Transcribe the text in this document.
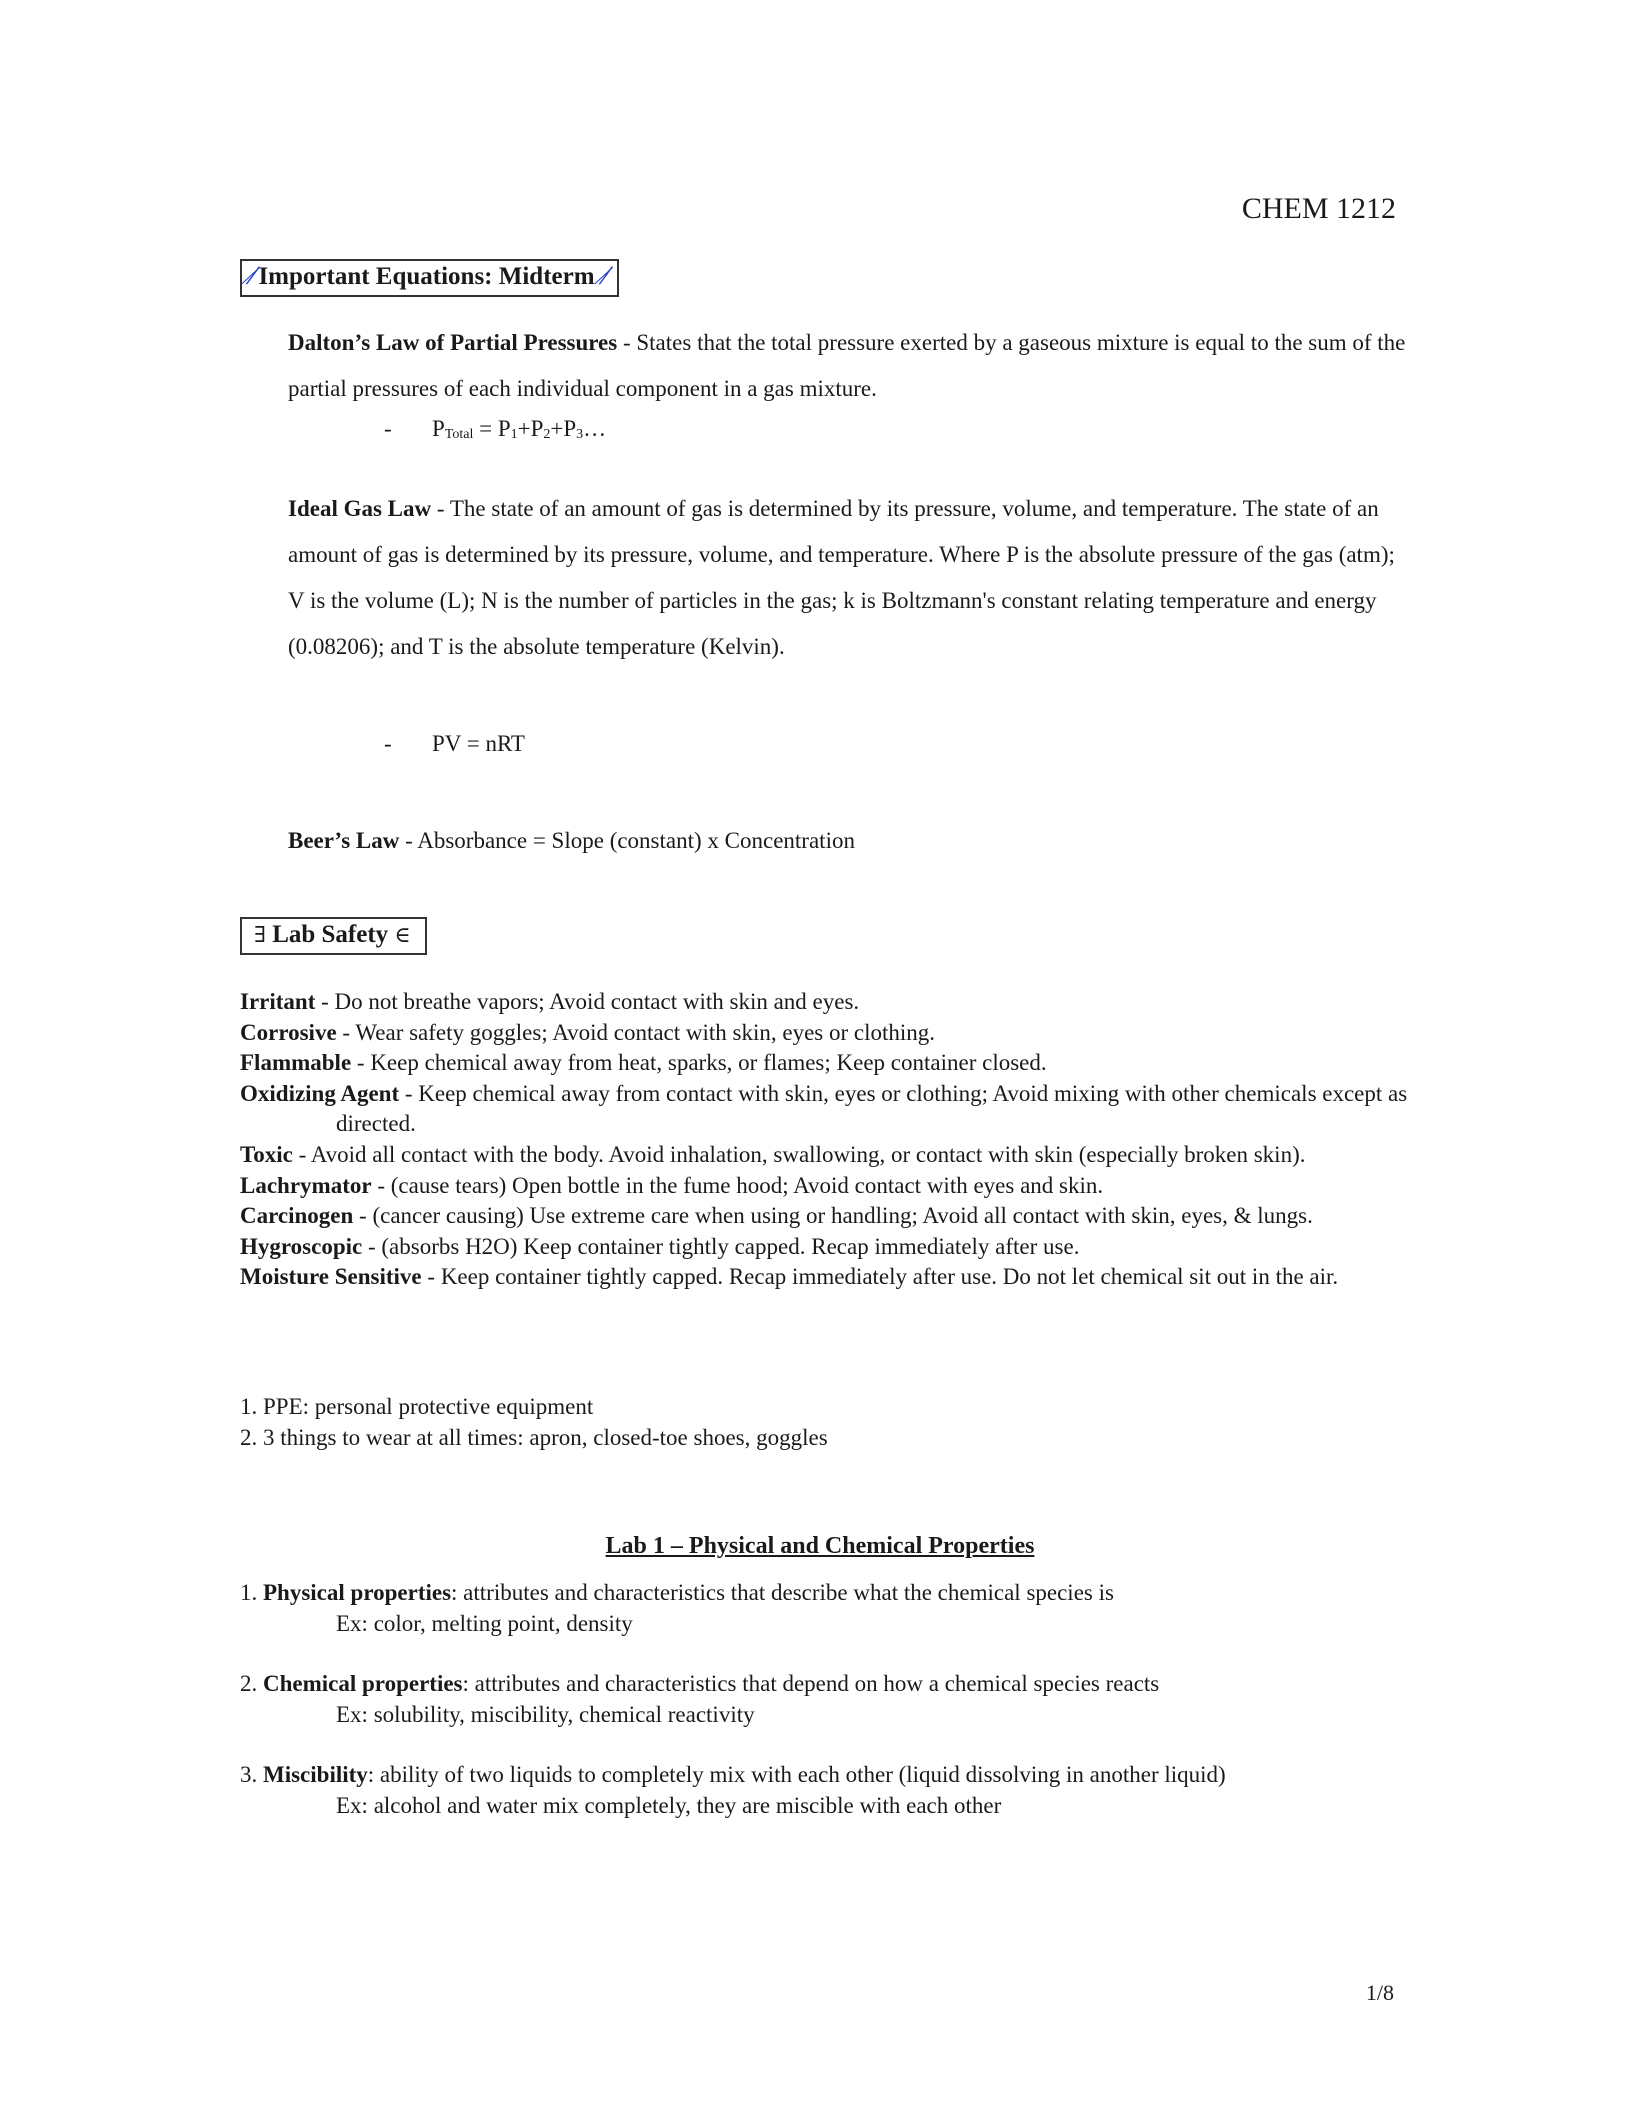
CHEM 1212
∕̸ Important Equations: Midterm ∕̸
Dalton’s Law of Partial Pressures - States that the total pressure exerted by a gaseous mixture is equal to the sum of the partial pressures of each individual component in a gas mixture.
- $P_{Total}$ = $P_1+P_2+P_3\dots$
Ideal Gas Law - The state of an amount of gas is determined by its pressure, volume, and temperature. The state of an amount of gas is determined by its pressure, volume, and temperature. Where P is the absolute pressure of the gas (atm); V is the volume (L); N is the number of particles in the gas; k is Boltzmann's constant relating temperature and energy (0.08206); and T is the absolute temperature (Kelvin).
- PV = nRT
Beer’s Law - Absorbance = Slope (constant) x Concentration
∃ Lab Safety ∈
Irritant - Do not breathe vapors; Avoid contact with skin and eyes.
Corrosive - Wear safety goggles; Avoid contact with skin, eyes or clothing.
Flammable - Keep chemical away from heat, sparks, or flames; Keep container closed.
Oxidizing Agent - Keep chemical away from contact with skin, eyes or clothing; Avoid mixing with other chemicals except as directed.
Toxic - Avoid all contact with the body. Avoid inhalation, swallowing, or contact with skin (especially broken skin).
Lachrymator - (cause tears) Open bottle in the fume hood; Avoid contact with eyes and skin.
Carcinogen - (cancer causing) Use extreme care when using or handling; Avoid all contact with skin, eyes, & lungs.
Hygroscopic - (absorbs H2O) Keep container tightly capped. Recap immediately after use.
Moisture Sensitive - Keep container tightly capped. Recap immediately after use. Do not let chemical sit out in the air.
1. PPE: personal protective equipment
2. 3 things to wear at all times: apron, closed-toe shoes, goggles
Lab 1 – Physical and Chemical Properties
1. Physical properties: attributes and characteristics that describe what the chemical species is
Ex: color, melting point, density
2. Chemical properties: attributes and characteristics that depend on how a chemical species reacts
Ex: solubility, miscibility, chemical reactivity
3. Miscibility: ability of two liquids to completely mix with each other (liquid dissolving in another liquid)
Ex: alcohol and water mix completely, they are miscible with each other
1/8
